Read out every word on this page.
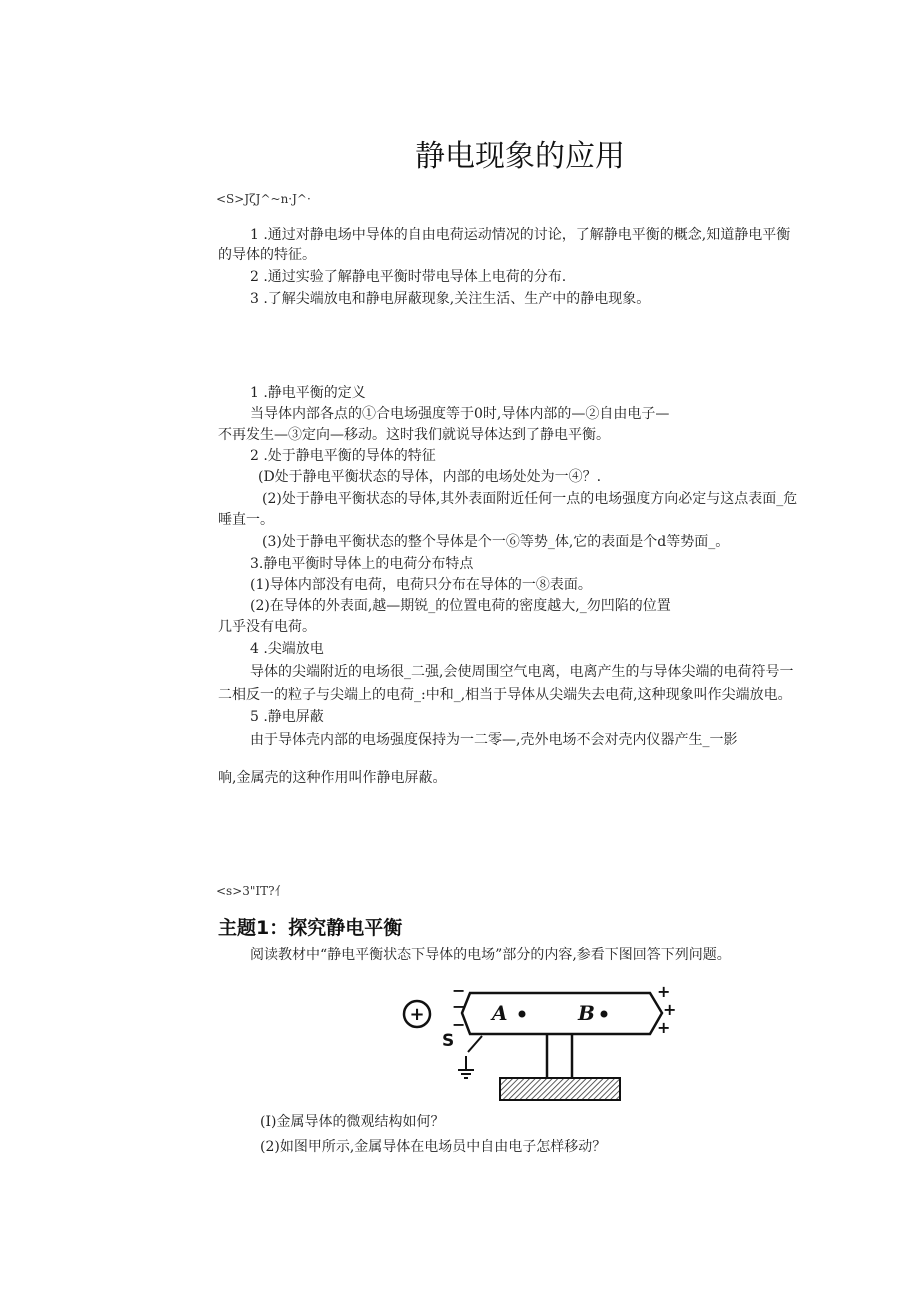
静电现象的应用
<S>JζJ^~n·J^·
1 .通过对静电场中导体的自由电荷运动情况的讨论，了解静电平衡的概念,知道静电平衡
的导体的特征。
2 .通过实验了解静电平衡时带电导体上电荷的分布.
3 .了解尖端放电和静电屏蔽现象,关注生活、生产中的静电现象。
1 .静电平衡的定义
当导体内部各点的①合电场强度等于0时,导体内部的—②自由电子—
不再发生—③定向—移动。这时我们就说导体达到了静电平衡。
2 .处于静电平衡的导体的特征
(D处于静电平衡状态的导体，内部的电场处处为一④？.
(2)处于静电平衡状态的导体,其外表面附近任何一点的电场强度方向必定与这点表面_危
唾直一。
(3)处于静电平衡状态的整个导体是个一⑥等势_体,它的表面是个d等势面_。
3.静电平衡时导体上的电荷分布特点
(1)导体内部没有电荷，电荷只分布在导体的一⑧表面。
(2)在导体的外表面,越—期锐_的位置电荷的密度越大,_勿凹陷的位置
几乎没有电荷。
4 .尖端放电
导体的尖端附近的电场很_二强,会使周围空气电离，电离产生的与导体尖端的电荷符号一
二相反一的粒子与尖端上的电荷_:中和_,相当于导体从尖端失去电荷,这种现象叫作尖端放电。
5 .静电屏蔽
由于导体壳内部的电场强度保持为一二零—,壳外电场不会对壳内仪器产生_一影
响,金属壳的这种作用叫作静电屏蔽。
<s>3"IT?亻
主题1：探究静电平衡
阅读教材中“静电平衡状态下导体的电场”部分的内容,参看下图回答下列问题。
+
−
−
−
+
+
+
A	B
S
(I)金属导体的微观结构如何？
(2)如图甲所示,金属导体在电场员中自由电子怎样移动？
